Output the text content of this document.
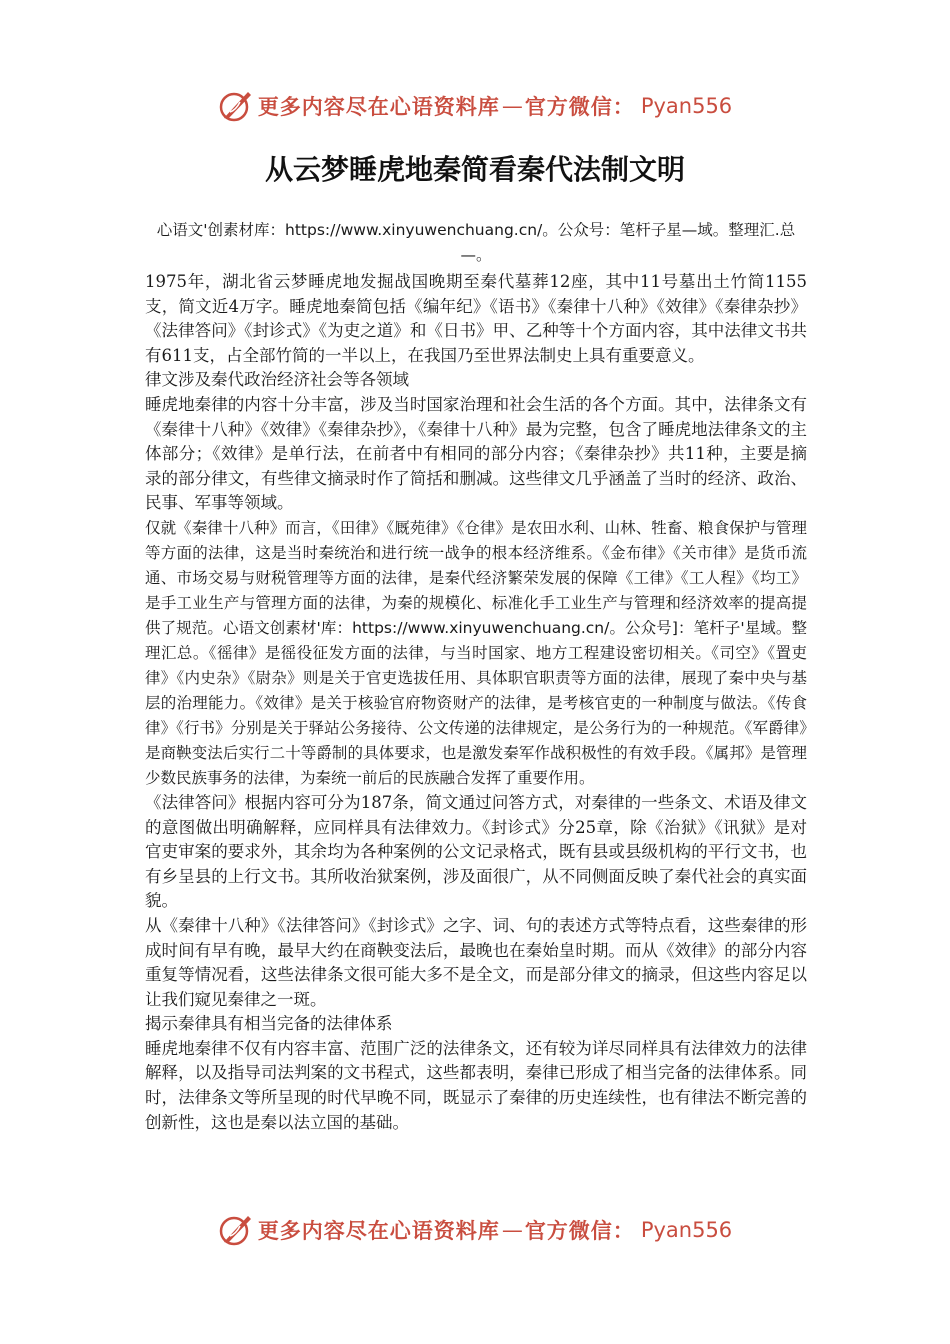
更多内容尽在心语资料库 — 官方微信： Pyan556
从云梦睡虎地秦简看秦代法制文明

心语文'创素材库：https://www.xinyuwenchuang.cn/。公众号：笔杆子星—域。整理汇.总—。

1975年，湖北省云梦睡虎地发掘战国晚期至秦代墓葬12座，其中11号墓出土竹简1155支，简文近4万字。睡虎地秦简包括《编年纪》《语书》《秦律十八种》《效律》《秦律杂抄》《法律答问》《封诊式》《为吏之道》和《日书》甲、乙种等十个方面内容，其中法律文书共有611支，占全部竹简的一半以上，在我国乃至世界法制史上具有重要意义。

律文涉及秦代政治经济社会等各领域

睡虎地秦律的内容十分丰富，涉及当时国家治理和社会生活的各个方面。其中，法律条文有《秦律十八种》《效律》《秦律杂抄》，《秦律十八种》最为完整，包含了睡虎地法律条文的主体部分；《效律》是单行法，在前者中有相同的部分内容；《秦律杂抄》共11种，主要是摘录的部分律文，有些律文摘录时作了简括和删减。这些律文几乎涵盖了当时的经济、政治、民事、军事等领域。

仅就《秦律十八种》而言，《田律》《厩苑律》《仓律》是农田水利、山林、牲畜、粮食保护与管理等方面的法律，这是当时秦统治和进行统一战争的根本经济维系。《金布律》《关市律》是货币流通、市场交易与财税管理等方面的法律，是秦代经济繁荣发展的保障《工律》《工人程》《均工》是手工业生产与管理方面的法律，为秦的规模化、标准化手工业生产与管理和经济效率的提高提供了规范。心语文创素材'库：https://www.xinyuwenchuang.cn/。公众号]：笔杆子'星域。整理汇总。《徭律》是徭役征发方面的法律，与当时国家、地方工程建设密切相关。《司空》《置吏律》《内史杂》《尉杂》则是关于官吏选拔任用、具体职官职责等方面的法律，展现了秦中央与基层的治理能力。《效律》是关于核验官府物资财产的法律，是考核官吏的一种制度与做法。《传食律》《行书》分别是关于驿站公务接待、公文传递的法律规定，是公务行为的一种规范。《军爵律》是商鞅变法后实行二十等爵制的具体要求，也是激发秦军作战积极性的有效手段。《属邦》是管理少数民族事务的法律，为秦统一前后的民族融合发挥了重要作用。

《法律答问》根据内容可分为187条，简文通过问答方式，对秦律的一些条文、术语及律文的意图做出明确解释，应同样具有法律效力。《封诊式》分25章，除《治狱》《讯狱》是对官吏审案的要求外，其余均为各种案例的公文记录格式，既有县或县级机构的平行文书，也有乡呈县的上行文书。其所收治狱案例，涉及面很广，从不同侧面反映了秦代社会的真实面貌。

从《秦律十八种》《法律答问》《封诊式》之字、词、句的表述方式等特点看，这些秦律的形成时间有早有晚，最早大约在商鞅变法后，最晚也在秦始皇时期。而从《效律》的部分内容重复等情况看，这些法律条文很可能大多不是全文，而是部分律文的摘录，但这些内容足以让我们窥见秦律之一斑。

揭示秦律具有相当完备的法律体系

睡虎地秦律不仅有内容丰富、范围广泛的法律条文，还有较为详尽同样具有法律效力的法律解释，以及指导司法判案的文书程式，这些都表明，秦律已形成了相当完备的法律体系。同时，法律条文等所呈现的时代早晚不同，既显示了秦律的历史连续性，也有律法不断完善的创新性，这也是秦以法立国的基础。

更多内容尽在心语资料库 — 官方微信： Pyan556
